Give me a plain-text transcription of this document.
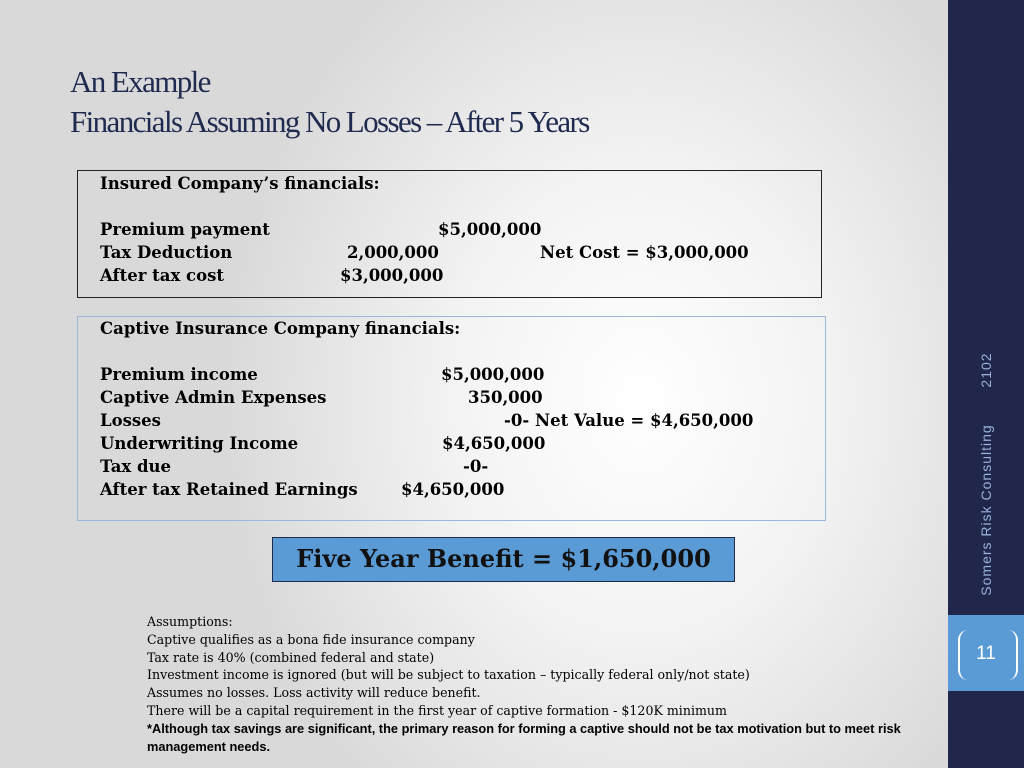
An Example
Financials Assuming No Losses – After 5 Years
Insured Company’s financials:
Premium payment	$5,000,000
Tax Deduction	2,000,000	Net Cost = $3,000,000
After tax cost	$3,000,000
Captive Insurance Company financials:
Premium income	$5,000,000
Captive Admin Expenses	350,000
Losses	-0- Net Value = $4,650,000
Underwriting Income	$4,650,000
Tax due	-0-
After tax Retained Earnings	$4,650,000
Five Year Benefit = $1,650,000
Assumptions:
Captive qualifies as a bona fide insurance company
Tax rate is 40% (combined federal and state)
Investment income is ignored (but will be subject to taxation – typically federal only/not state)
Assumes no losses. Loss activity will reduce benefit.
There will be a capital requirement in the first year of captive formation - $120K minimum
*Although tax savings are significant, the primary reason for forming a captive should not be tax motivation but to meet risk management needs.
2102
Somers Risk Consulting
11
